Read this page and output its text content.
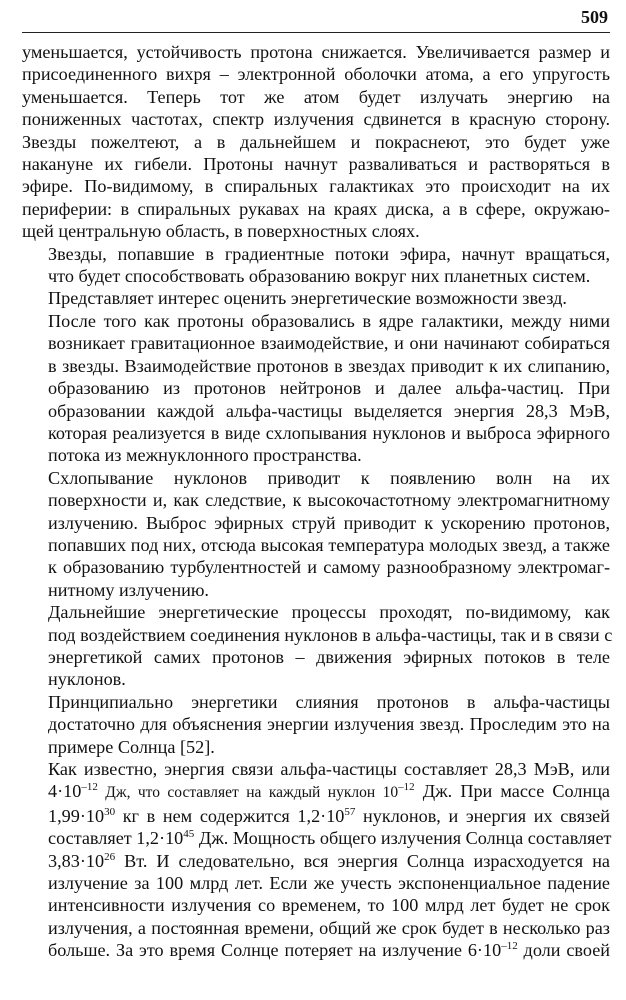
509

уменьшается, устойчивость протона снижается. Увеличивается размер и
присоединенного вихря – электронной оболочки атома, а его упругость
уменьшается. Теперь тот же атом будет излучать энергию на
пониженных частотах, спектр излучения сдвинется в красную сторону.
Звезды пожелтеют, а в дальнейшем и покраснеют, это будет уже
накануне их гибели. Протоны начнут разваливаться и растворяться в
эфире. По-видимому, в спиральных галактиках это происходит на их
периферии: в спиральных рукавах на краях диска, а в сфере, окружаю-
щей центральную область, в поверхностных слоях.

Звезды, попавшие в градиентные потоки эфира, начнут вращаться,
что будет способствовать образованию вокруг них планетных систем.

Представляет интерес оценить энергетические возможности звезд.

После того как протоны образовались в ядре галактики, между ними
возникает гравитационное взаимодействие, и они начинают собираться
в звезды. Взаимодействие протонов в звездах приводит к их слипанию,
образованию из протонов нейтронов и далее альфа-частиц. При
образовании каждой альфа-частицы выделяется энергия 28,3 МэВ,
которая реализуется в виде схлопывания нуклонов и выброса эфирного
потока из межнуклонного пространства.

Схлопывание нуклонов приводит к появлению волн на их
поверхности и, как следствие, к высокочастотному электромагнитному
излучению. Выброс эфирных струй приводит к ускорению протонов,
попавших под них, отсюда высокая температура молодых звезд, а также
к образованию турбулентностей и самому разнообразному электромаг-
нитному излучению.

Дальнейшие энергетические процессы проходят, по-видимому, как
под воздействием соединения нуклонов в альфа-частицы, так и в связи с
энергетикой самих протонов – движения эфирных потоков в теле
нуклонов.

Принципиально энергетики слияния протонов в альфа-частицы
достаточно для объяснения энергии излучения звезд. Проследим это на
примере Солнца [52].

Как известно, энергия связи альфа-частицы составляет 28,3 МэВ, или
$4\cdot 10^{-12}$ Дж, что составляет на каждый нуклон $10^{-12}$ Дж. При массе Солнца
$1,99\cdot 10^{30}$ кг в нем содержится $1,2\cdot 10^{57}$ нуклонов, и энергия их связей
составляет $1,2\cdot 10^{45}$ Дж. Мощность общего излучения Солнца составляет
$3,83\cdot 10^{26}$ Вт. И следовательно, вся энергия Солнца израсходуется на
излучение за 100 млрд лет. Если же учесть экспоненциальное падение
интенсивности излучения со временем, то 100 млрд лет будет не срок
излучения, а постоянная времени, общий же срок будет в несколько раз
больше. За это время Солнце потеряет на излучение $6\cdot 10^{-12}$ доли своей
